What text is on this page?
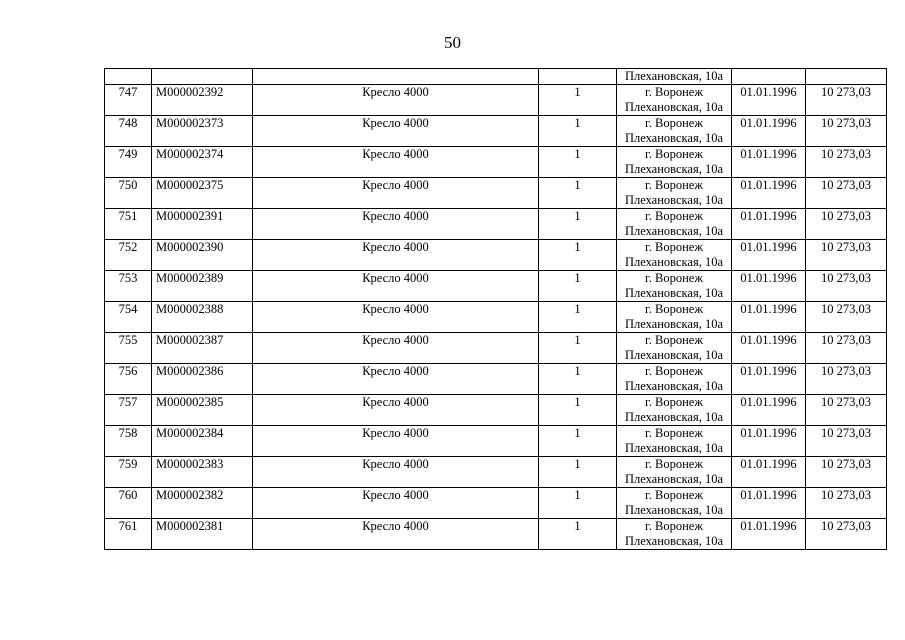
50

				Плехановская, 10а		

747	М000002392	Кресло 4000	1	г. Воронеж
Плехановская, 10а	01.01.1996	10 273,03
748	М000002373	Кресло 4000	1	г. Воронеж
Плехановская, 10а	01.01.1996	10 273,03
749	М000002374	Кресло 4000	1	г. Воронеж
Плехановская, 10а	01.01.1996	10 273,03
750	М000002375	Кресло 4000	1	г. Воронеж
Плехановская, 10а	01.01.1996	10 273,03
751	М000002391	Кресло 4000	1	г. Воронеж
Плехановская, 10а	01.01.1996	10 273,03
752	М000002390	Кресло 4000	1	г. Воронеж
Плехановская, 10а	01.01.1996	10 273,03
753	М000002389	Кресло 4000	1	г. Воронеж
Плехановская, 10а	01.01.1996	10 273,03
754	М000002388	Кресло 4000	1	г. Воронеж
Плехановская, 10а	01.01.1996	10 273,03
755	М000002387	Кресло 4000	1	г. Воронеж
Плехановская, 10а	01.01.1996	10 273,03
756	М000002386	Кресло 4000	1	г. Воронеж
Плехановская, 10а	01.01.1996	10 273,03
757	М000002385	Кресло 4000	1	г. Воронеж
Плехановская, 10а	01.01.1996	10 273,03
758	М000002384	Кресло 4000	1	г. Воронеж
Плехановская, 10а	01.01.1996	10 273,03
759	М000002383	Кресло 4000	1	г. Воронеж
Плехановская, 10а	01.01.1996	10 273,03
760	М000002382	Кресло 4000	1	г. Воронеж
Плехановская, 10а	01.01.1996	10 273,03
761	М000002381	Кресло 4000	1	г. Воронеж
Плехановская, 10а	01.01.1996	10 273,03
